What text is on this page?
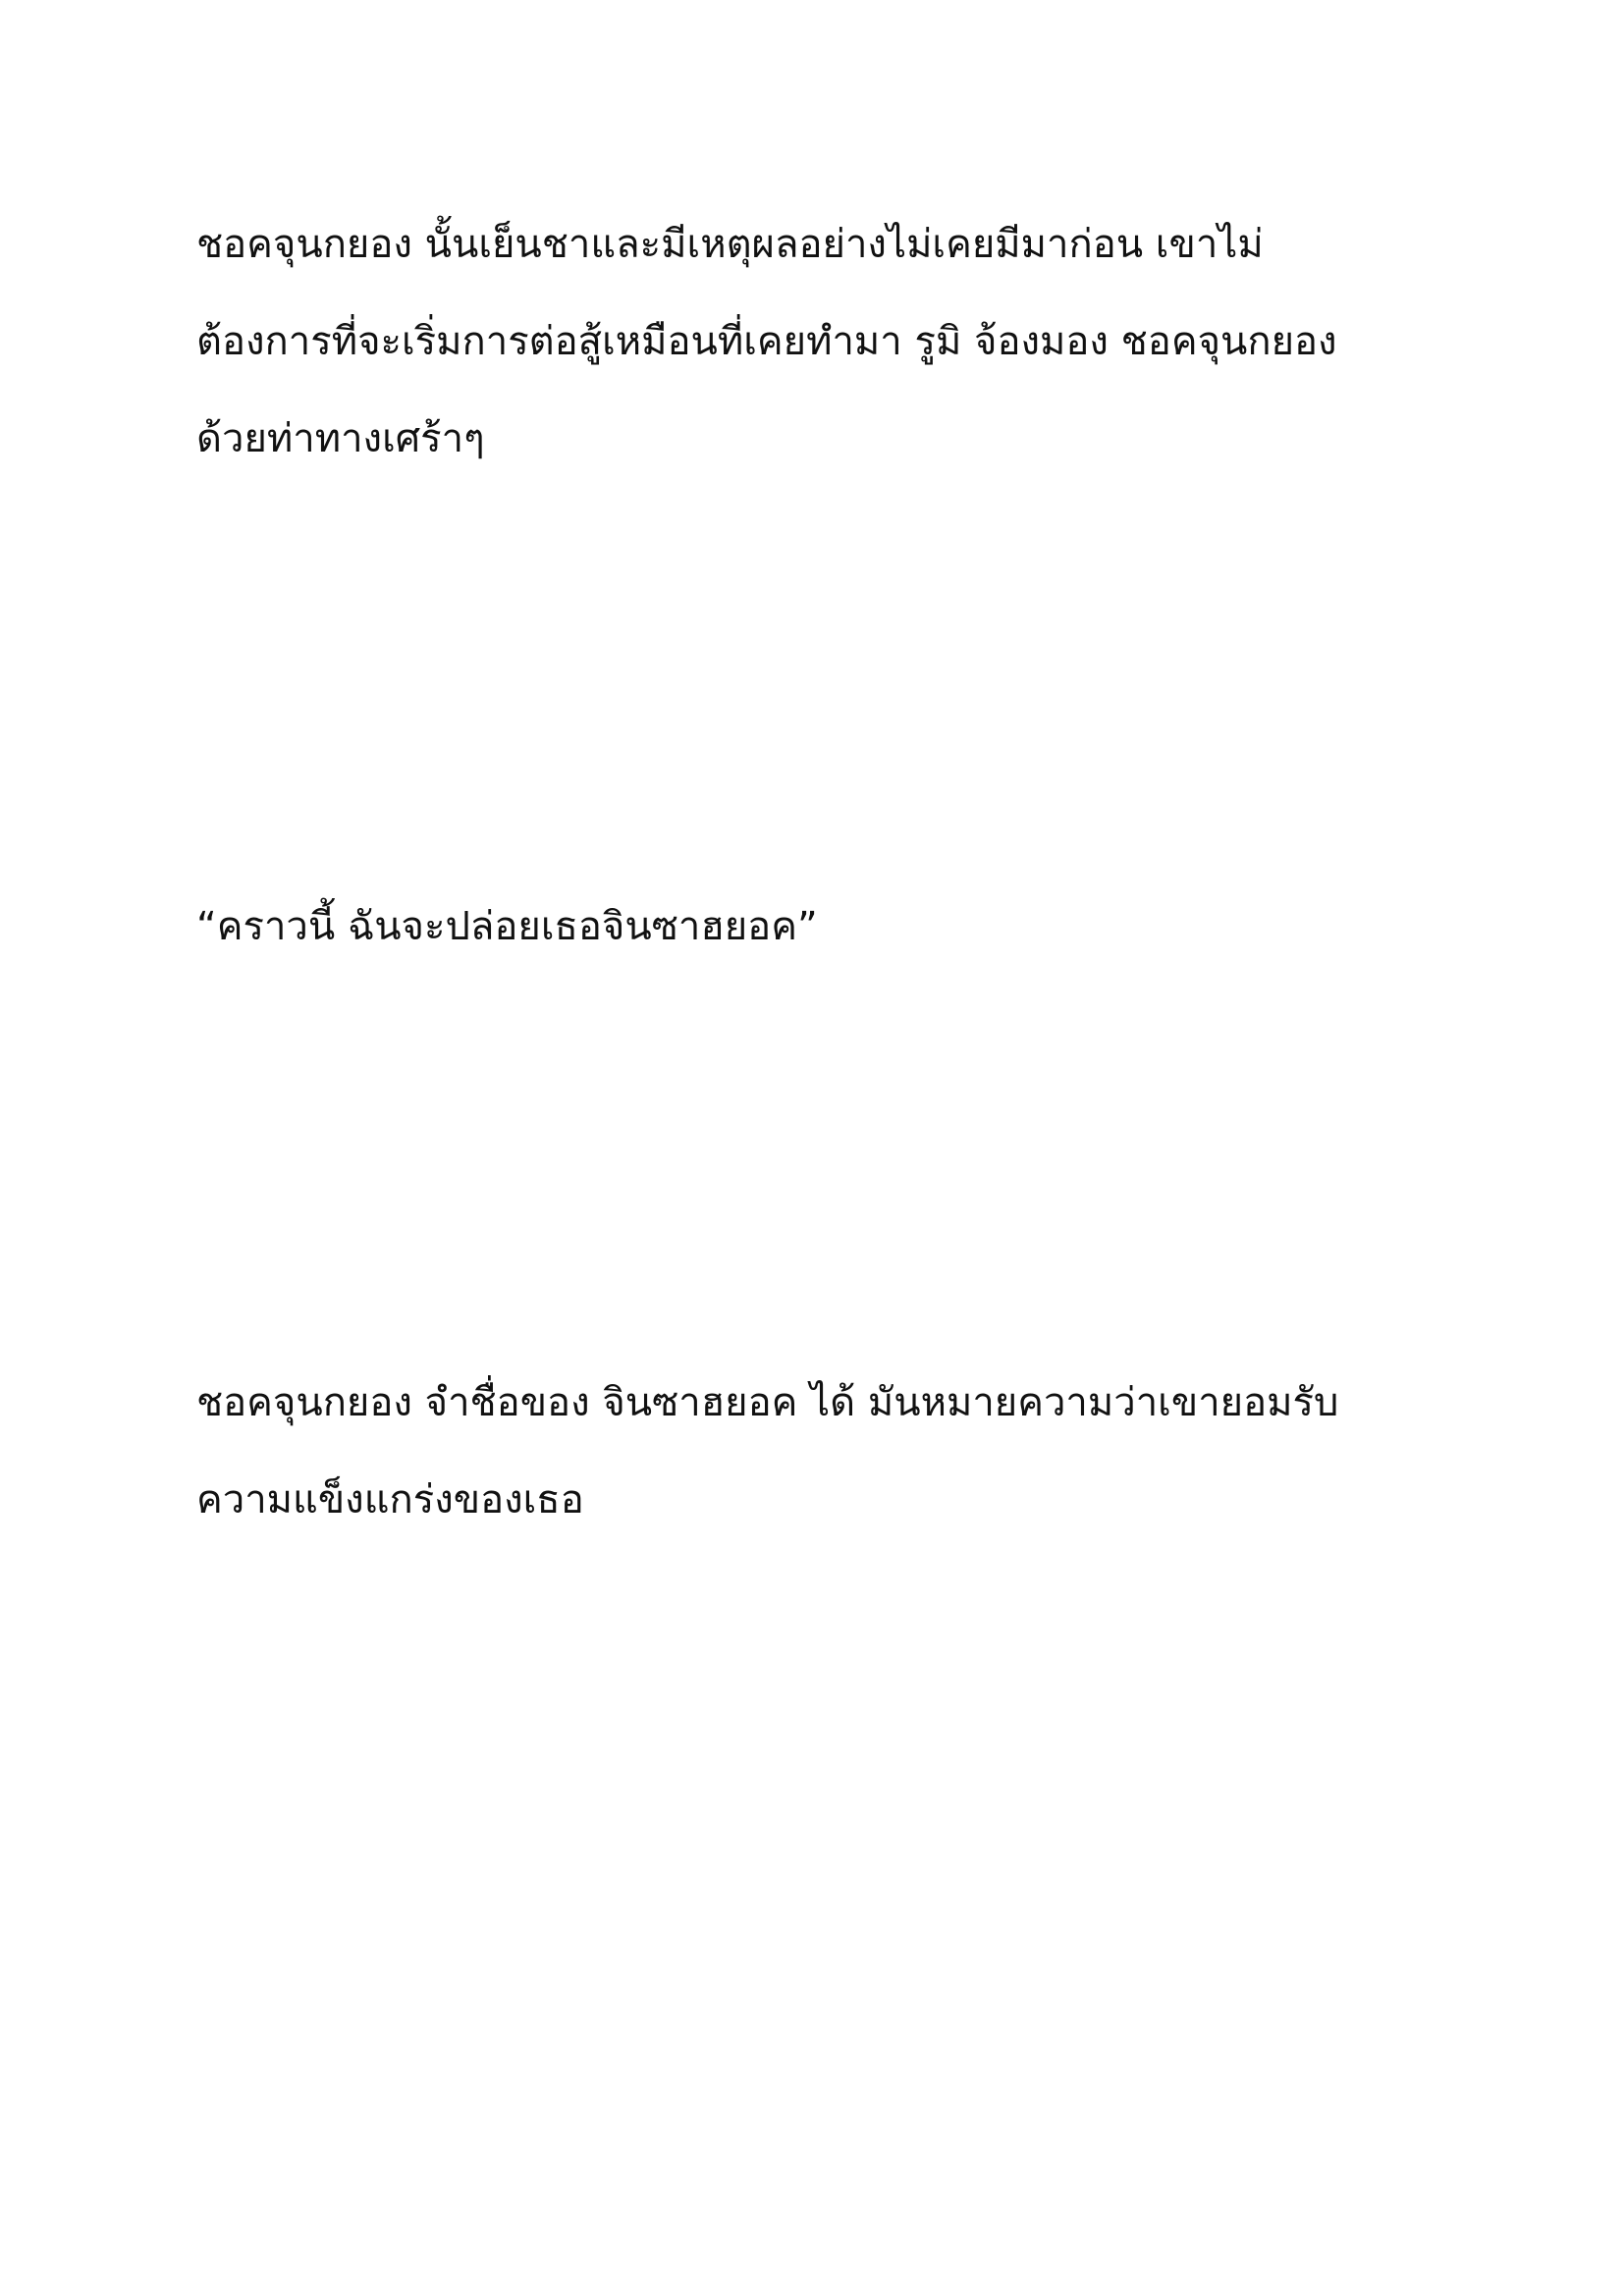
ชอคจุนกยอง นั้นเย็นชาและมีเหตุผลอย่างไม่เคยมีมาก่อน เขาไม่
ต้องการที่จะเริ่มการต่อสู้เหมือนที่เคยทำมา รูมิ จ้องมอง ชอคจุนกยอง
ด้วยท่าทางเศร้าๆ

“คราวนี้ ฉันจะปล่อยเธอจินซาฮยอค”

ชอคจุนกยอง จำชื่อของ จินซาฮยอค ได้ มันหมายความว่าเขายอมรับ
ความแข็งแกร่งของเธอ
